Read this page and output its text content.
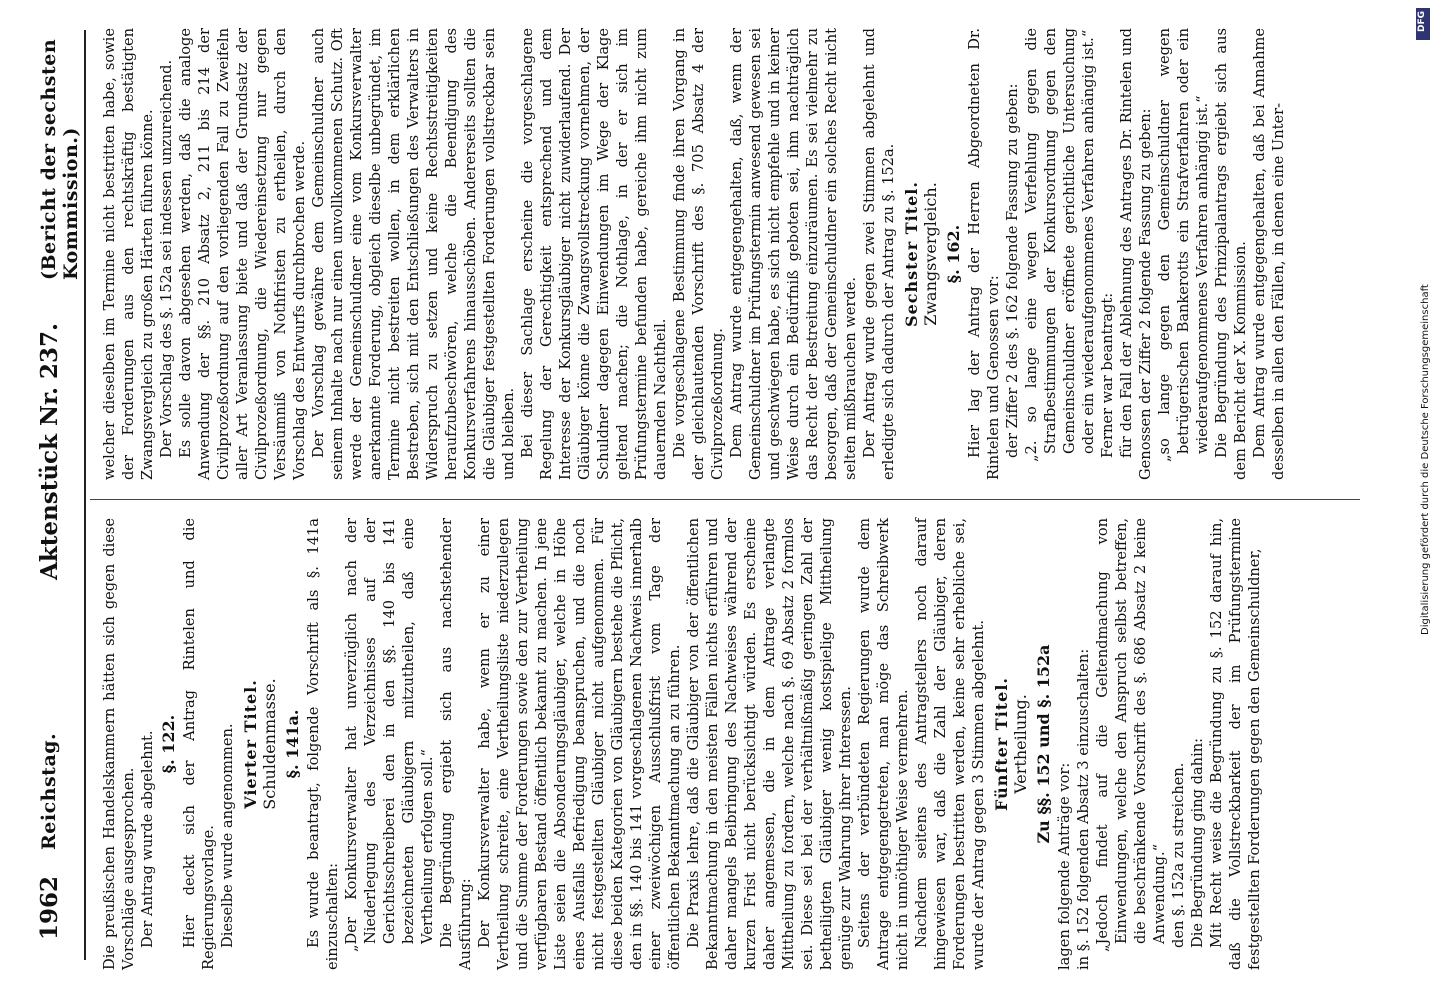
1962
Reichstag.
Aktenstück Nr. 237.
(Bericht der sechsten Kommission.)

Die preußischen Handelskammern hätten sich gegen diese Vorschläge ausgesprochen. Der Antrag wurde abgelehnt. §. 122. Hier deckt sich der Antrag Rintelen und die Regierungsvorlage. Dieselbe wurde angenommen. Vierter Titel. Schuldenmasse. §. 141a. Es wurde beantragt, folgende Vorschrift als §. 141a einzuschalten: „Der Konkursverwalter hat unverzüglich nach der Niederlegung des Verzeichnisses auf der Gerichtsschreiberei den in den §§. 140 bis 141 bezeichneten Gläubigern mitzutheilen, daß eine Vertheilung erfolgen soll.“ Die Begründung ergiebt sich aus nachstehender Ausführung: Der Konkursverwalter habe, wenn er zu einer Vertheilung schreite, eine Vertheilungsliste niederzulegen und die Summe der Forderungen sowie den zur Vertheilung verfügbaren Bestand öffentlich bekannt zu machen. In jene Liste seien die Absonderungsgläubiger, welche in Höhe eines Ausfalls Befriedigung beanspruchen, und die noch nicht festgestellten Gläubiger nicht aufgenommen. Für diese beiden Kategorien von Gläubigern bestehe die Pflicht, den in §§. 140 bis 141 vorgeschlagenen Nachweis innerhalb einer zweiwöchigen Ausschlußfrist vom Tage der öffentlichen Bekanntmachung an zu führen. Die Praxis lehre, daß die Gläubiger von der öffentlichen Bekanntmachung in den meisten Fällen nichts erführen und daher mangels Beibringung des Nachweises während der kurzen Frist nicht berücksichtigt würden. Es erscheine daher angemessen, die in dem Antrage verlangte Mittheilung zu fordern, welche nach §. 69 Absatz 2 formlos sei. Diese sei bei der verhältnißmäßig geringen Zahl der betheiligten Gläubiger wenig kostspielige Mittheilung genüge zur Wahrung ihrer Interessen. Seitens der verbündeten Regierungen wurde dem Antrage entgegengetreten, man möge das Schreibwerk nicht in unnöthiger Weise vermehren. Nachdem seitens des Antragstellers noch darauf hingewiesen war, daß die Zahl der Gläubiger, deren Forderungen bestritten werden, keine sehr erhebliche sei, wurde der Antrag gegen 3 Stimmen abgelehnt. Fünfter Titel. Vertheilung.
Zu §§. 152 und §. 152a

lagen folgende Anträge vor: in §. 152 folgenden Absatz 3 einzuschalten: „Jedoch findet auf die Geltendmachung von Einwendungen, welche den Anspruch selbst betreffen, die beschränkende Vorschrift des §. 686 Absatz 2 keine Anwendung.“ den §. 152a zu streichen. Die Begründung ging dahin: Mit Recht weise die Begründung zu §. 152 darauf hin, daß die Vollstreckbarkeit der im Prüfungstermine festgestellten Forderungen gegen den Gemeinschuldner,

welcher dieselben im Termine nicht bestritten habe, sowie der Forderungen aus den rechtskräftig bestätigten Zwangsvergleich zu großen Härten führen könne. Der Vorschlag des §. 152a sei indessen unzureichend. Es solle davon abgesehen werden, daß die analoge Anwendung der §§. 210 Absatz 2, 211 bis 214 der Civilprozeßordnung auf den vorliegenden Fall zu Zweifeln aller Art Veranlassung biete und daß der Grundsatz der Civilprozeßordnung, die Wiedereinsetzung nur gegen Versäumniß von Nothfristen zu ertheilen, durch den Vorschlag des Entwurfs durchbrochen werde. Der Vorschlag gewähre dem Gemeinschuldner auch seinem Inhalte nach nur einen unvollkommenen Schutz. Oft werde der Gemeinschuldner eine vom Konkursverwalter anerkannte Forderung, obgleich dieselbe unbegründet, im Termine nicht bestreiten wollen, in dem erklärlichen Bestreben, sich mit den Entschließungen des Verwalters in Widerspruch zu setzen und keine Rechtsstreitigkeiten heraufzubeschwören, welche die Beendigung des Konkursverfahrens hinausschöben. Andererseits sollten die die Gläubiger festgestellten Forderungen vollstreckbar sein und bleiben. Bei dieser Sachlage erscheine die vorgeschlagene Regelung der Gerechtigkeit entsprechend und dem Interesse der Konkursgläubiger nicht zuwiderlaufend. Der Gläubiger könne die Zwangsvollstreckung vornehmen, der Schuldner dagegen Einwendungen im Wege der Klage geltend machen; die Nothlage, in der er sich im Prüfungstermine befunden habe, gereiche ihm nicht zum dauernden Nachtheil. Die vorgeschlagene Bestimmung finde ihren Vorgang in der gleichlautenden Vorschrift des §. 705 Absatz 4 der Civilprozeßordnung. Dem Antrag wurde entgegengehalten, daß, wenn der Gemeinschuldner im Prüfungstermin anwesend gewesen sei und geschwiegen habe, es sich nicht empfehle und in keiner Weise durch ein Bedürfniß geboten sei, ihm nachträglich das Recht der Bestreitung einzuräumen. Es sei vielmehr zu besorgen, daß der Gemeinschuldner ein solches Recht nicht selten mißbrauchen werde. Der Antrag wurde gegen zwei Stimmen abgelehnt und erledigte sich dadurch der Antrag zu §. 152a. Sechster Titel. Zwangsvergleich. §. 162. Hier lag der Antrag der Herren Abgeordneten Dr. Rintelen und Genossen vor: der Ziffer 2 des §. 162 folgende Fassung zu geben: „2. so lange eine wegen Verfehlung gegen die Strafbestimmungen der Konkursordnung gegen den Gemeinschuldner eröffnete gerichtliche Untersuchung oder ein wiederaufgenommenes Verfahren anhängig ist.“ Ferner war beantragt: für den Fall der Ablehnung des Antrages Dr. Rintelen und Genossen der Ziffer 2 folgende Fassung zu geben: „so lange gegen den Gemeinschuldner wegen betrügerischen Bankerotts ein Strafverfahren oder ein wiederaufgenommenes Verfahren anhängig ist.“ Die Begründung des Prinzipalantrags ergiebt sich aus dem Bericht der X. Kommission. Dem Antrag wurde entgegengehalten, daß bei Annahme desselben in allen den Fällen, in denen eine Unter-

DFG
Digitalisierung gefördert durch die Deutsche Forschungsgemeinschaft
